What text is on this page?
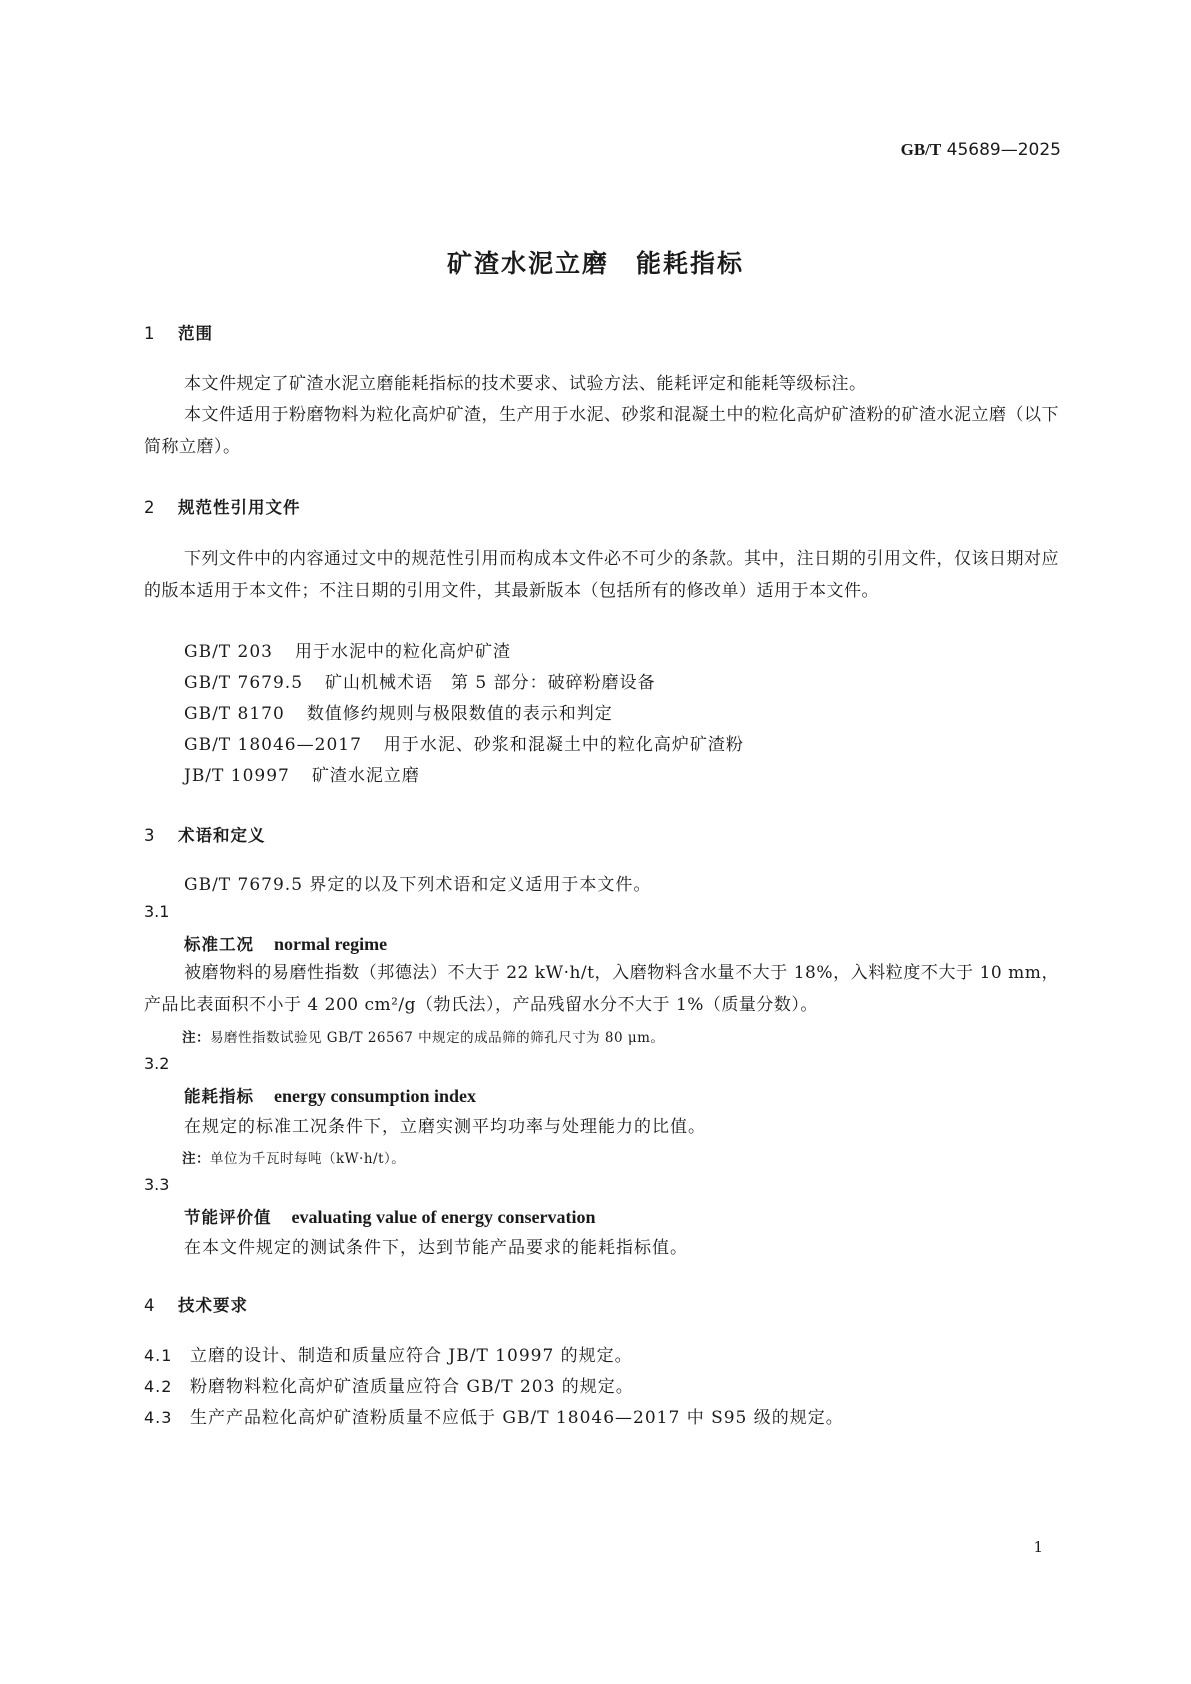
GB/T 45689—2025
矿渣水泥立磨　能耗指标
1 范围
本文件规定了矿渣水泥立磨能耗指标的技术要求、试验方法、能耗评定和能耗等级标注。
本文件适用于粉磨物料为粒化高炉矿渣，生产用于水泥、砂浆和混凝土中的粒化高炉矿渣粉的矿渣水泥立磨（以下简称立磨）。
2 规范性引用文件
下列文件中的内容通过文中的规范性引用而构成本文件必不可少的条款。其中，注日期的引用文件，仅该日期对应的版本适用于本文件；不注日期的引用文件，其最新版本（包括所有的修改单）适用于本文件。
GB/T 203 用于水泥中的粒化高炉矿渣
GB/T 7679.5 矿山机械术语　第 5 部分：破碎粉磨设备
GB/T 8170 数值修约规则与极限数值的表示和判定
GB/T 18046—2017 用于水泥、砂浆和混凝土中的粒化高炉矿渣粉
JB/T 10997 矿渣水泥立磨
3 术语和定义
GB/T 7679.5 界定的以及下列术语和定义适用于本文件。
3.1
标准工况 normal regime
被磨物料的易磨性指数（邦德法）不大于 22 kW·h/t，入磨物料含水量不大于 18%，入料粒度不大于 10 mm，产品比表面积不小于 4 200 cm²/g（勃氏法），产品残留水分不大于 1%（质量分数）。
注：易磨性指数试验见 GB/T 26567 中规定的成品筛的筛孔尺寸为 80 μm。
3.2
能耗指标 energy consumption index
在规定的标准工况条件下，立磨实测平均功率与处理能力的比值。
注：单位为千瓦时每吨（kW·h/t）。
3.3
节能评价值 evaluating value of energy conservation
在本文件规定的测试条件下，达到节能产品要求的能耗指标值。
4 技术要求
4.1 立磨的设计、制造和质量应符合 JB/T 10997 的规定。
4.2 粉磨物料粒化高炉矿渣质量应符合 GB/T 203 的规定。
4.3 生产产品粒化高炉矿渣粉质量不应低于 GB/T 18046—2017 中 S95 级的规定。
1
